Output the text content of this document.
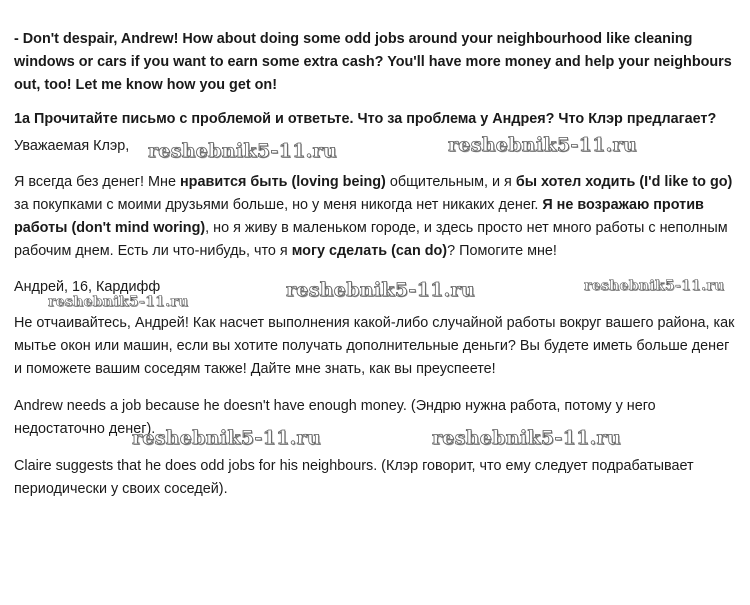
- Don't despair, Andrew! How about doing some odd jobs around your neighbourhood like cleaning windows or cars if you want to earn some extra cash? You'll have more money and help your neighbours out, too! Let me know how you get on!

1a Прочитайте письмо с проблемой и ответьте. Что за проблема у Андрея? Что Клэр предлагает?

Уважаемая Клэр,

Я всегда без денег! Мне нравится быть (loving being) общительным, и я бы хотел ходить (I'd like to go) за покупками с моими друзьями больше, но у меня никогда нет никаких денег. Я не возражаю против работы (don't mind woring), но я живу в маленьком городе, и здесь просто нет много работы с неполным рабочим днем. Есть ли что-нибудь, что я могу сделать (can do)? Помогите мне!

Андрей, 16, Кардифф

Не отчаивайтесь, Андрей! Как насчет выполнения какой-либо случайной работы вокруг вашего района, как мытье окон или машин, если вы хотите получать дополнительные деньги? Вы будете иметь больше денег и поможете вашим соседям также! Дайте мне знать, как вы преуспеете!

Andrew needs a job because he doesn't have enough money. (Эндрю нужна работа, потому у него недостаточно денег).

Claire suggests that he does odd jobs for his neighbours. (Клэр говорит, что ему следует подрабатывает периодически у своих соседей).

reshebnik5-11.ru	reshebnik5-11.ru
reshebnik5-11.ru
reshebnik5-11.ru	reshebnik5-11.ru
reshebnik5-11.ru	reshebnik5-11.ru
